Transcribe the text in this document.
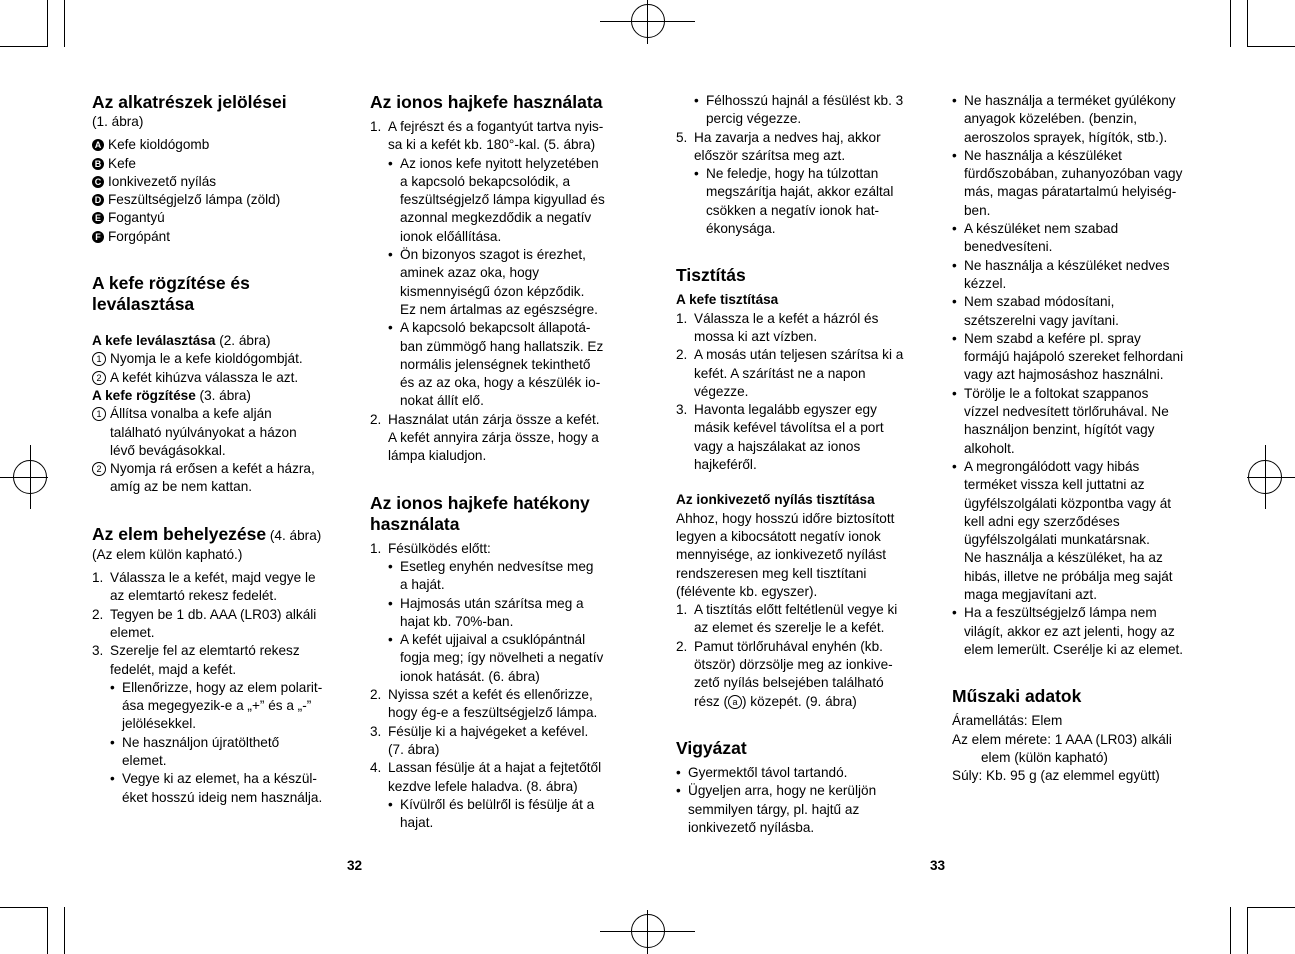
Az alkatrészek jelölései

(1. ábra)

A Kefe kioldógomb
B Kefe
C Ionkivezető nyílás
D Feszültségjelző lámpa (zöld)
E Fogantyú
F Forgópánt
A kefe rögzítése és
leválasztása
A kefe leválasztása (2. ábra)
1 Nyomja le a kefe kioldógombját.
2 A kefét kihúzva válassza le azt.
A kefe rögzítése (3. ábra)
1 Állítsa vonalba a kefe alján
található nyúlványokat a házon
lévő bevágásokkal.
2 Nyomja rá erősen a kefét a házra,
amíg az be nem kattan.
Az elem behelyezése (4. ábra)

(Az elem külön kapható.)

1. Válassza le a kefét, majd vegye le
az elemtartó rekesz fedelét.
2. Tegyen be 1 db. AAA (LR03) alkáli
elemet.
3. Szerelje fel az elemtartó rekesz
fedelét, majd a kefét.
• Ellenőrizze, hogy az elem polarit-
ása megegyezik-e a „+” és a „-”
jelölésekkel.
• Ne használjon újratölthető
elemet.
• Vegye ki az elemet, ha a készül-
éket hosszú ideig nem használja.
Az ionos hajkefe használata
1. A fejrészt és a fogantyút tartva nyis-
sa ki a kefét kb. 180°-kal. (5. ábra)
• Az ionos kefe nyitott helyzetében
a kapcsoló bekapcsolódik, a
feszültségjelző lámpa kigyullad és
azonnal megkezdődik a negatív
ionok előállítása.
• Ön bizonyos szagot is érezhet,
aminek azaz oka, hogy
kismennyiségű ózon képződik.
Ez nem ártalmas az egészségre.
• A kapcsoló bekapcsolt állapotá-
ban zümmögő hang hallatszik. Ez
normális jelenségnek tekinthető
és az az oka, hogy a készülék io-
nokat állít elő.
2. Használat után zárja össze a kefét.
A kefét annyira zárja össze, hogy a
lámpa kialudjon.
Az ionos hajkefe hatékony
használata
1. Fésülködés előtt:
• Esetleg enyhén nedvesítse meg
a haját.
• Hajmosás után szárítsa meg a
hajat kb. 70%-ban.
• A kefét ujjaival a csuklópántnál
fogja meg; így növelheti a negatív
ionok hatását. (6. ábra)
2. Nyissa szét a kefét és ellenőrizze,
hogy ég-e a feszültségjelző lámpa.
3. Fésülje ki a hajvégeket a kefével.
(7. ábra)
4. Lassan fésülje át a hajat a fejtetőtől
kezdve lefele haladva. (8. ábra)
• Kívülről és belülről is fésülje át a
hajat.
• Félhosszú hajnál a fésülést kb. 3
percig végezze.
5. Ha zavarja a nedves haj, akkor
először szárítsa meg azt.
• Ne feledje, hogy ha túlzottan
megszárítja haját, akkor ezáltal
csökken a negatív ionok hat-
ékonysága.
Tisztítás
A kefe tisztítása
1. Válassza le a kefét a házról és
mossa ki azt vízben.
2. A mosás után teljesen szárítsa ki a
kefét. A szárítást ne a napon
végezze.
3. Havonta legalább egyszer egy
másik kefével távolítsa el a port
vagy a hajszálakat az ionos
hajkeféről.
Az ionkivezető nyílás tisztítása

Ahhoz, hogy hosszú időre biztosított
legyen a kibocsátott negatív ionok
mennyisége, az ionkivezető nyílást
rendszeresen meg kell tisztítani
(félévente kb. egyszer).

1. A tisztítás előtt feltétlenül vegye ki
az elemet és szerelje le a kefét.
2. Pamut törlőruhával enyhén (kb.
ötször) dörzsölje meg az ionkive-
zető nyílás belsejében található
rész ( a ) közepét. (9. ábra)
Vigyázat
• Gyermektől távol tartandó.
• Ügyeljen arra, hogy ne kerüljön
semmilyen tárgy, pl. hajtű az
ionkivezető nyílásba.
• Ne használja a terméket gyúlékony
anyagok közelében. (benzin,
aeroszolos sprayek, hígítók, stb.).
• Ne használja a készüléket
fürdőszobában, zuhanyozóban vagy
más, magas páratartalmú helyiség-
ben.
• A készüléket nem szabad
benedvesíteni.
• Ne használja a készüléket nedves
kézzel.
• Nem szabad módosítani,
szétszerelni vagy javítani.
• Nem szabd a kefére pl. spray
formájú hajápoló szereket felhordani
vagy azt hajmosáshoz használni.
• Törölje le a foltokat szappanos
vízzel nedvesített törlőruhával. Ne
használjon benzint, hígítót vagy
alkoholt.
• A megrongálódott vagy hibás
terméket vissza kell juttatni az
ügyfélszolgálati központba vagy át
kell adni egy szerződéses
ügyfélszolgálati munkatársnak.
Ne használja a készüléket, ha az
hibás, illetve ne próbálja meg saját
maga megjavítani azt.
• Ha a feszültségjelző lámpa nem
világít, akkor ez azt jelenti, hogy az
elem lemerült. Cserélje ki az elemet.
Műszaki adatok

Áramellátás: Elem

Az elem mérete: 1 AAA (LR03) alkáli

elem (külön kapható)

Súly: Kb. 95 g (az elemmel együtt)

32	33
